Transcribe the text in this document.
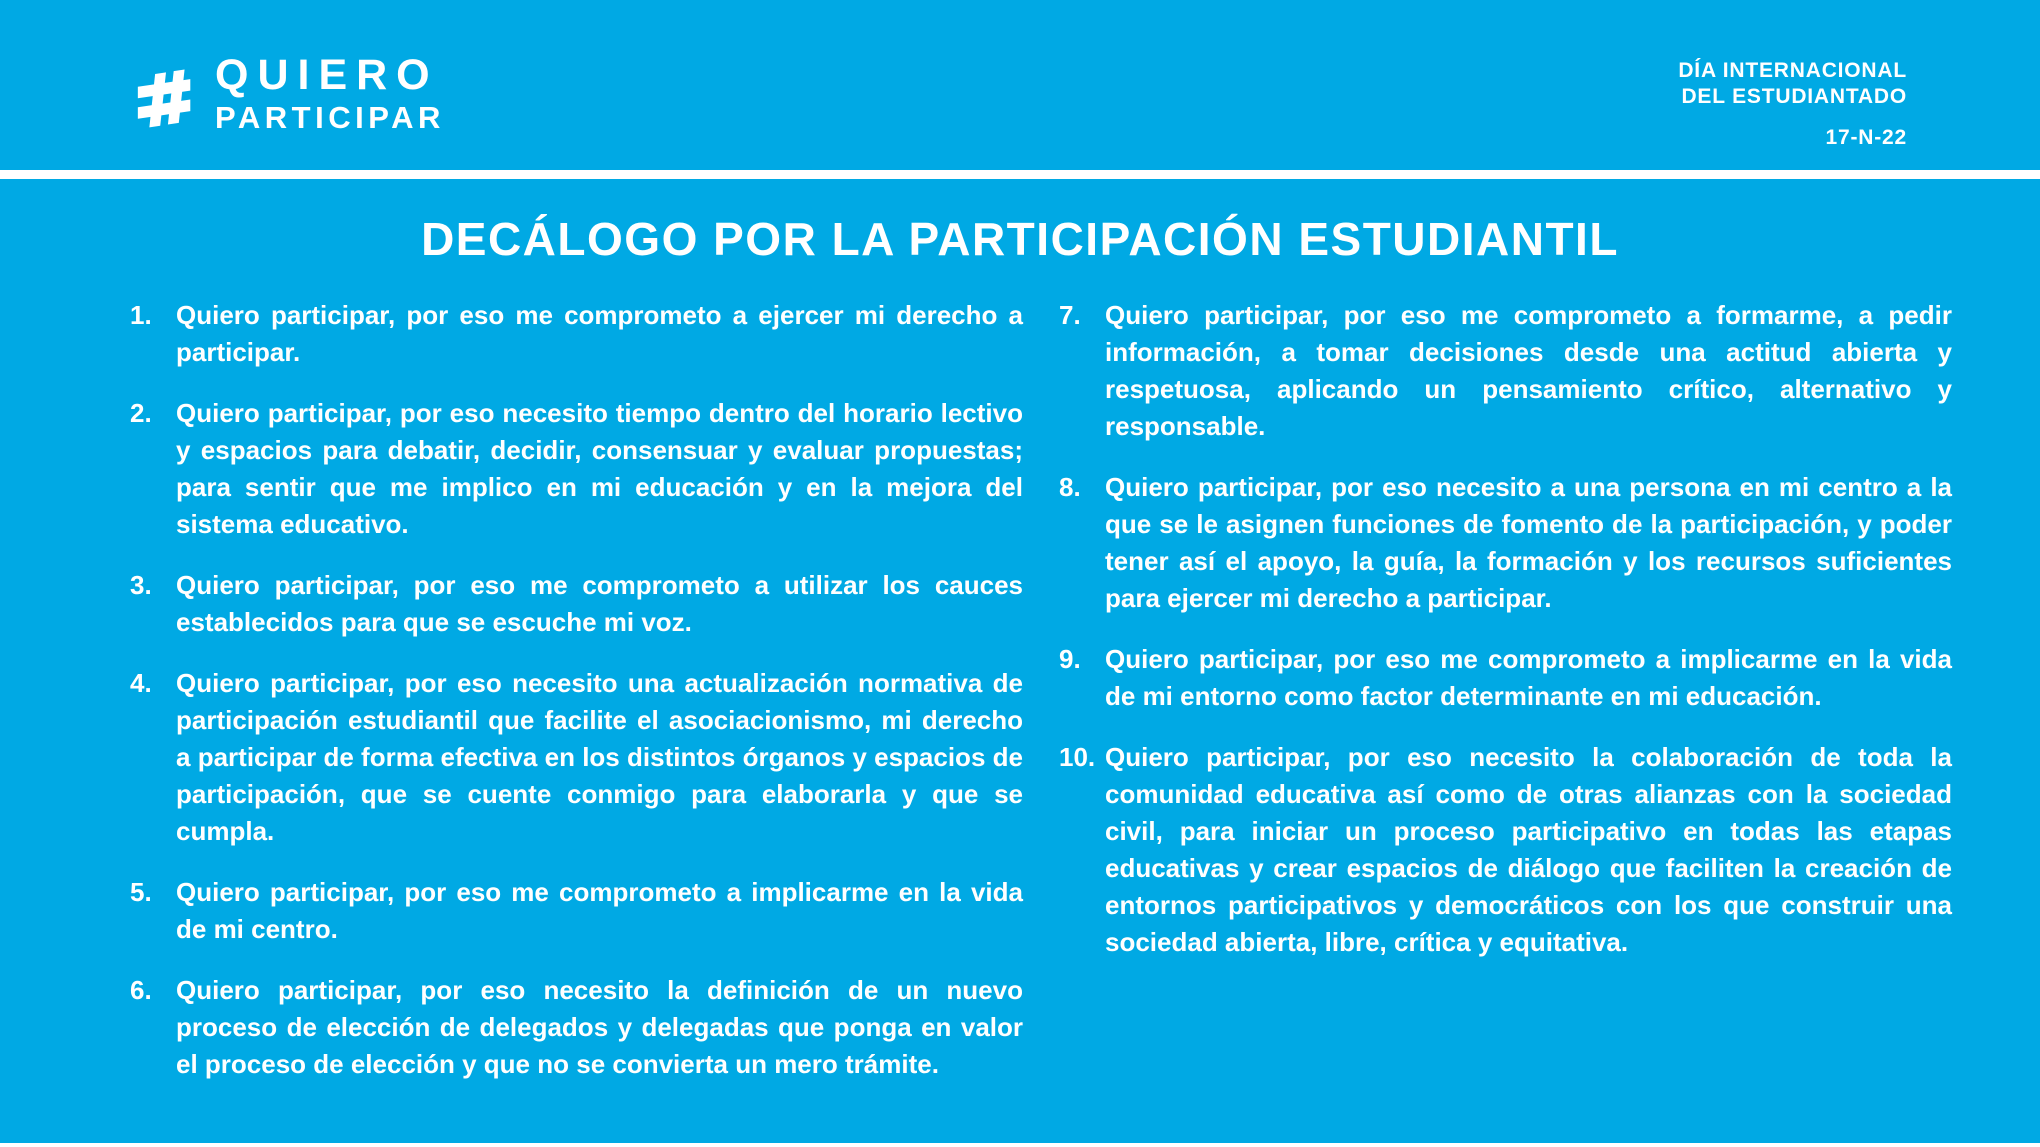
QUIERO
PARTICIPAR
DÍA INTERNACIONAL
DEL ESTUDIANTADO
17-N-22
DECÁLOGO POR LA PARTICIPACIÓN ESTUDIANTIL
1. Quiero participar, por eso me comprometo a ejercer mi derecho a participar.

2. Quiero participar, por eso necesito tiempo dentro del horario lectivo y espacios para debatir, decidir, consensuar y evaluar propuestas; para sentir que me implico en mi educación y en la mejora del sistema educativo.

3. Quiero participar, por eso me comprometo a utilizar los cauces establecidos para que se escuche mi voz.

4. Quiero participar, por eso necesito una actualización normativa de participación estudiantil que facilite el asociacionismo, mi derecho a participar de forma efectiva en los distintos órganos y espacios de participación, que se cuente conmigo para elaborarla y que se cumpla.

5. Quiero participar, por eso me comprometo a implicarme en la vida de mi centro.

6. Quiero participar, por eso necesito la definición de un nuevo proceso de elección de delegados y delegadas que ponga en valor el proceso de elección y que no se convierta un mero trámite.

7. Quiero participar, por eso me comprometo a formarme, a pedir información, a tomar decisiones desde una actitud abierta y respetuosa, aplicando un pensamiento crítico, alternativo y responsable.

8. Quiero participar, por eso necesito a una persona en mi centro a la que se le asignen funciones de fomento de la participación, y poder tener así el apoyo, la guía, la formación y los recursos suficientes para ejercer mi derecho a participar.

9. Quiero participar, por eso me comprometo a implicarme en la vida de mi entorno como factor determinante en mi educación.

10. Quiero participar, por eso necesito la colaboración de toda la comunidad educativa así como de otras alianzas con la sociedad civil, para iniciar un proceso participativo en todas las etapas educativas y crear espacios de diálogo que faciliten la creación de entornos participativos y democráticos con los que construir una sociedad abierta, libre, crítica y equitativa.
